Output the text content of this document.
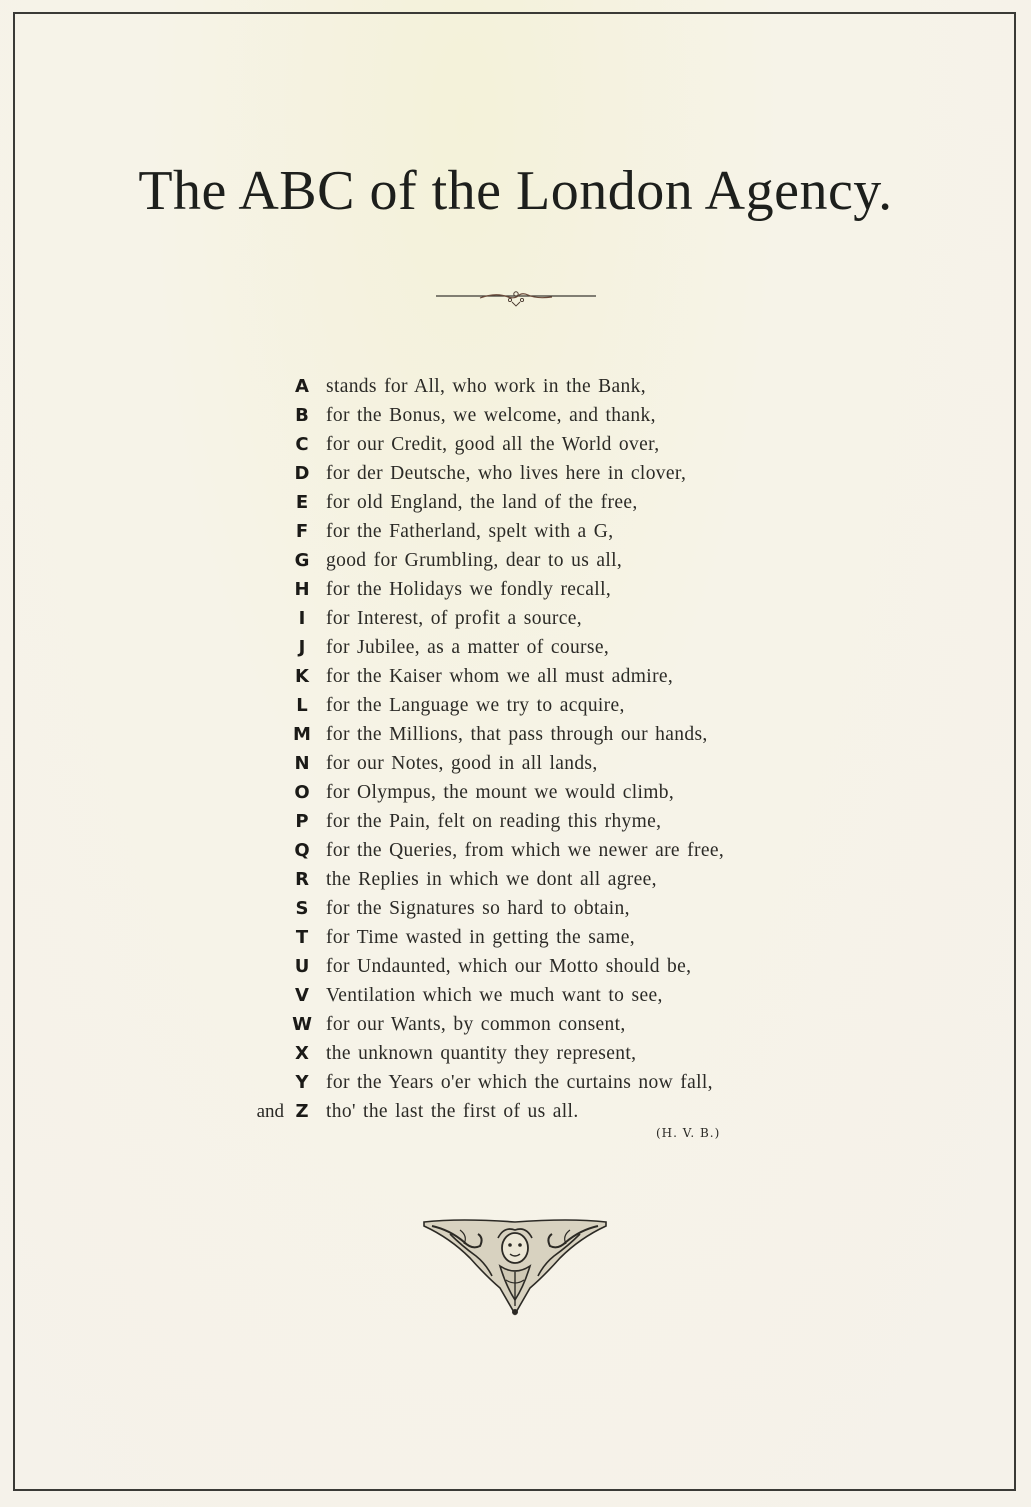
The ABC of the London Agency.
A stands for All, who work in the Bank,
B for the Bonus, we welcome, and thank,
C for our Credit, good all the World over,
D for der Deutsche, who lives here in clover,
E for old England, the land of the free,
F for the Fatherland, spelt with a G,
G good for Grumbling, dear to us all,
H for the Holidays we fondly recall,
I	for Interest, of profit a source,
J	for Jubilee, as a matter of course,
K for the Kaiser whom we all must admire,
L for the Language we try to acquire,
M for the Millions, that pass through our hands,
N for our Notes, good in all lands,
O for Olympus, the mount we would climb,
P for the Pain, felt on reading this rhyme,
Q for the Queries, from which we newer are free,
R the Replies in which we dont all agree,
S for the Signatures so hard to obtain,
T for Time wasted in getting the same,
U for Undaunted, which our Motto should be,
V Ventilation which we much want to see,
W for our Wants, by common consent,
X the unknown quantity they represent,
Y for the Years o'er which the curtains now fall,
and Z tho' the last the first of us all.
(H. V. B.)
